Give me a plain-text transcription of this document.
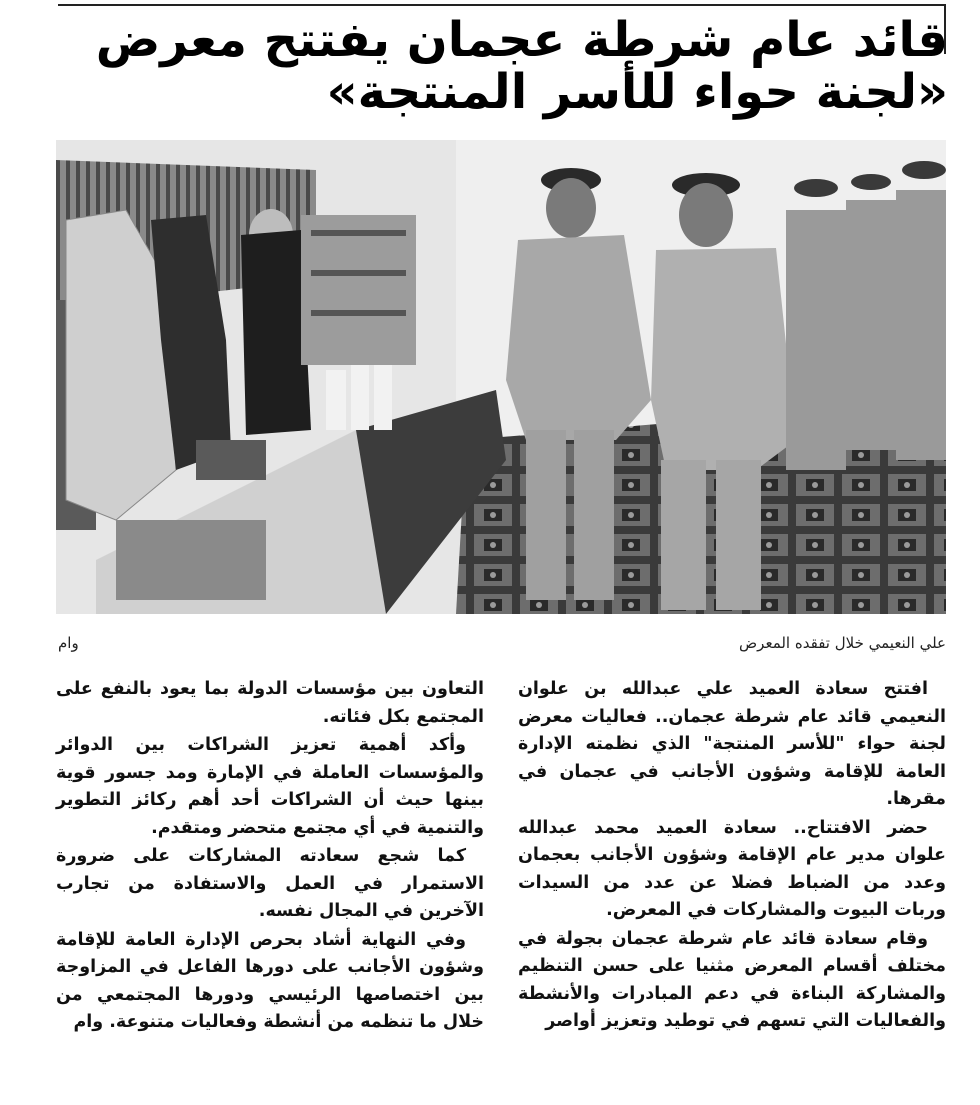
قائد عام شرطة عجمان يفتتح معرض «لجنة حواء للأسر المنتجة»
علي النعيمي خلال تفقده المعرض
وام

افتتح سعادة العميد علي عبدالله بن علوان النعيمي قائد عام شرطة عجمان.. فعاليات معرض لجنة حواء "للأسر المنتجة" الذي نظمته الإدارة العامة للإقامة وشؤون الأجانب في عجمان في مقرها.

حضر الافتتاح.. سعادة العميد محمد عبدالله علوان مدير عام الإقامة وشؤون الأجانب بعجمان وعدد من الضباط فضلا عن عدد من السيدات وربات البيوت والمشاركات في المعرض.

وقام سعادة قائد عام شرطة عجمان بجولة في مختلف أقسام المعرض مثنيا على حسن التنظيم والمشاركة البناءة في دعم المبادرات والأنشطة والفعاليات التي تسهم في توطيد وتعزيز أواصر

التعاون بين مؤسسات الدولة بما يعود بالنفع على المجتمع بكل فئاته.

وأكد أهمية تعزيز الشراكات بين الدوائر والمؤسسات العاملة في الإمارة ومد جسور قوية بينها حيث أن الشراكات أحد أهم ركائز التطوير والتنمية في أي مجتمع متحضر ومتقدم.

كما شجع سعادته المشاركات على ضرورة الاستمرار في العمل والاستفادة من تجارب الآخرين في المجال نفسه.

وفي النهاية أشاد بحرص الإدارة العامة للإقامة وشؤون الأجانب على دورها الفاعل في المزاوجة بين اختصاصها الرئيسي ودورها المجتمعي من خلال ما تنظمه من أنشطة وفعاليات متنوعة. وام
